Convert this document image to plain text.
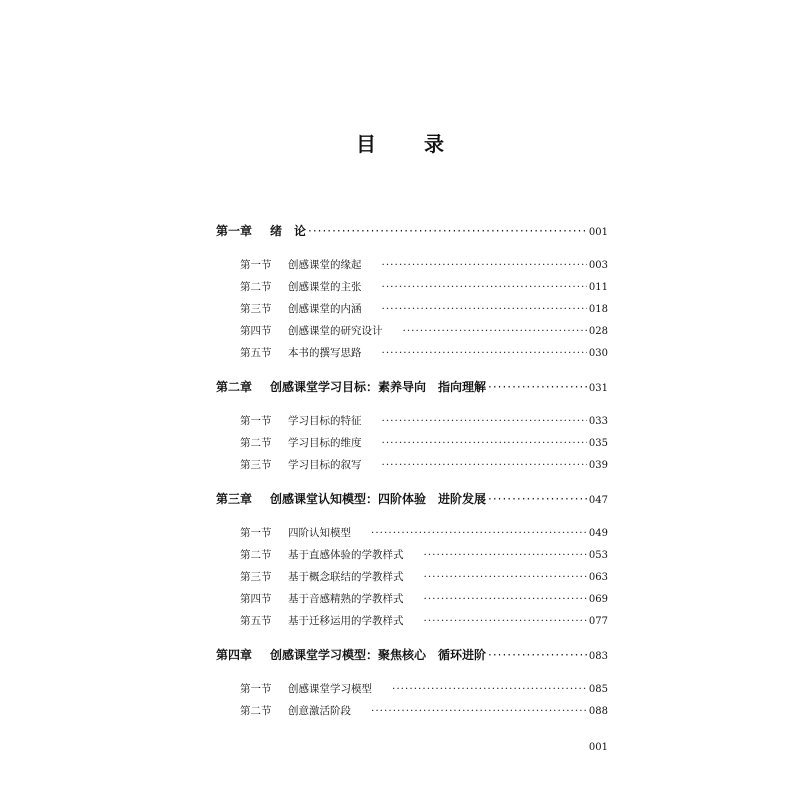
目　录
第一章	绪　论 ·····	001
第一节	创感课堂的缘起 ·····	003
第二节	创感课堂的主张 ·····	011
第三节	创感课堂的内涵 ·····	018
第四节	创感课堂的研究设计 ·····	028
第五节	本书的撰写思路 ·····	030
第二章	创感课堂学习目标：素养导向　指向理解 ·····	031
第一节	学习目标的特征 ·····	033
第二节	学习目标的维度 ·····	035
第三节	学习目标的叙写 ·····	039
第三章	创感课堂认知模型：四阶体验　进阶发展 ·····	047
第一节	四阶认知模型 ·····	049
第二节	基于直感体验的学教样式 ·····	053
第三节	基于概念联结的学教样式 ·····	063
第四节	基于音感精熟的学教样式 ·····	069
第五节	基于迁移运用的学教样式 ·····	077
第四章	创感课堂学习模型：聚焦核心　循环进阶 ·····	083
第一节	创感课堂学习模型 ·····	085
第二节	创意激活阶段 ·····	088
001
